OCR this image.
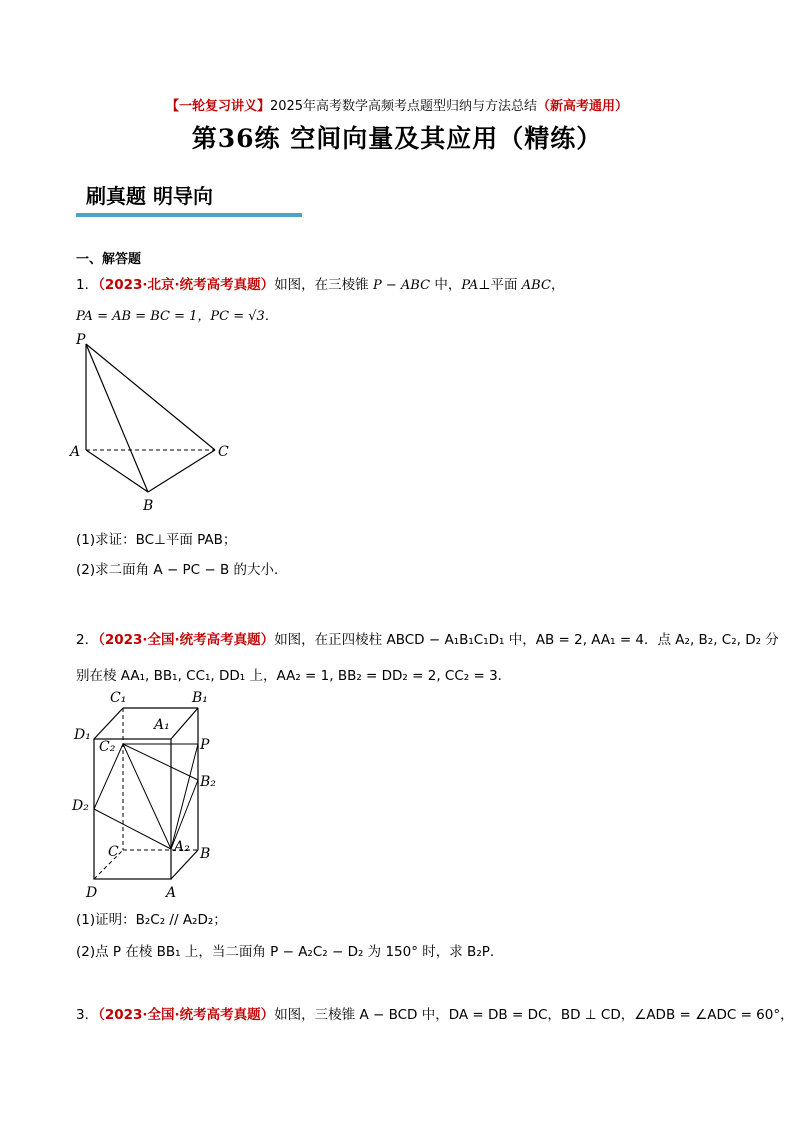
【一轮复习讲义】2025年高考数学高频考点题型归纳与方法总结（新高考通用）
第36练 空间向量及其应用（精练）
刷真题 明导向
一、解答题
1．（2023·北京·统考高考真题）如图，在三棱锥 P − ABC 中，PA⊥平面 ABC，
PA = AB = BC = 1，PC = √3．
P
A	C
B
(1)求证：BC⊥平面 PAB；
(2)求二面角 A − PC − B 的大小．
2．（2023·全国·统考高考真题）如图，在正四棱柱 ABCD − A₁B₁C₁D₁ 中，AB = 2, AA₁ = 4．点 A₂, B₂, C₂, D₂ 分
别在棱 AA₁, BB₁, CC₁, DD₁ 上，AA₂ = 1, BB₂ = DD₂ = 2, CC₂ = 3．
C₁	B₁
A₁
D₁
C₂	P
B₂
D₂
A₂
C	B
D	A
(1)证明：B₂C₂ // A₂D₂；
(2)点 P 在棱 BB₁ 上，当二面角 P − A₂C₂ − D₂ 为 150° 时，求 B₂P．
3．（2023·全国·统考高考真题）如图，三棱锥 A − BCD 中，DA = DB = DC，BD ⊥ CD，∠ADB = ∠ADC = 60°，
